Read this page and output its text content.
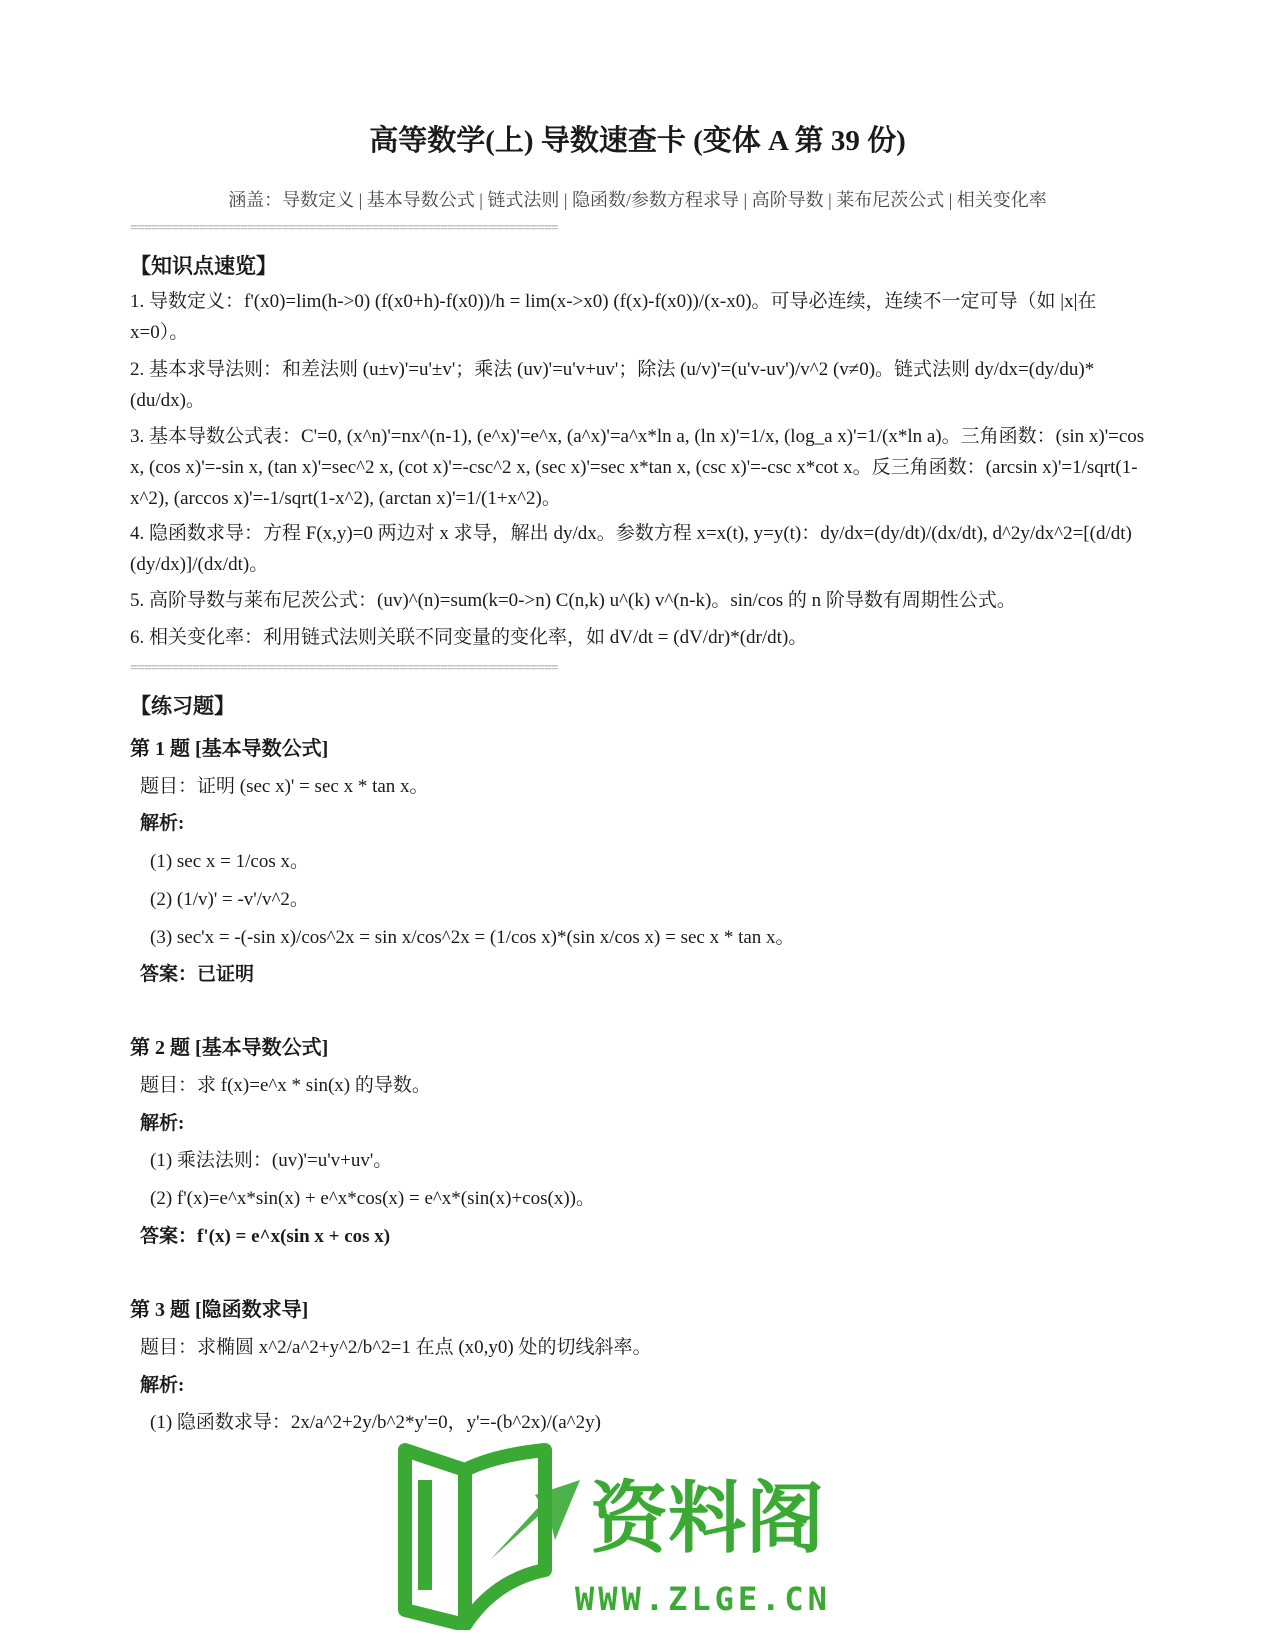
高等数学(上) 导数速查卡 (变体 A 第 39 份)
涵盖：导数定义 | 基本导数公式 | 链式法则 | 隐函数/参数方程求导 | 高阶导数 | 莱布尼茨公式 | 相关变化率
==============================================================
【知识点速览】
1. 导数定义：f'(x0)=lim(h->0) (f(x0+h)-f(x0))/h = lim(x->x0) (f(x)-f(x0))/(x-x0)。可导必连续，连续不一定可导（如 |x|在 x=0）。
2. 基本求导法则：和差法则 (u±v)'=u'±v'；乘法 (uv)'=u'v+uv'；除法 (u/v)'=(u'v-uv')/v^2 (v≠0)。链式法则 dy/dx=(dy/du)*(du/dx)。
3. 基本导数公式表：C'=0, (x^n)'=nx^(n-1), (e^x)'=e^x, (a^x)'=a^x*ln a, (ln x)'=1/x, (log_a x)'=1/(x*ln a)。三角函数：(sin x)'=cos x, (cos x)'=-sin x, (tan x)'=sec^2 x, (cot x)'=-csc^2 x, (sec x)'=sec x*tan x, (csc x)'=-csc x*cot x。反三角函数：(arcsin x)'=1/sqrt(1-x^2), (arccos x)'=-1/sqrt(1-x^2), (arctan x)'=1/(1+x^2)。
4. 隐函数求导：方程 F(x,y)=0 两边对 x 求导，解出 dy/dx。参数方程 x=x(t), y=y(t)：dy/dx=(dy/dt)/(dx/dt), d^2y/dx^2=[(d/dt)(dy/dx)]/(dx/dt)。
5. 高阶导数与莱布尼茨公式：(uv)^(n)=sum(k=0->n) C(n,k) u^(k) v^(n-k)。sin/cos 的 n 阶导数有周期性公式。
6. 相关变化率：利用链式法则关联不同变量的变化率，如 dV/dt = (dV/dr)*(dr/dt)。
==============================================================
【练习题】
第 1 题 [基本导数公式]
题目：证明 (sec x)' = sec x * tan x。
解析:
(1) sec x = 1/cos x。
(2) (1/v)' = -v'/v^2。
(3) sec'x = -(-sin x)/cos^2x = sin x/cos^2x = (1/cos x)*(sin x/cos x) = sec x * tan x。
答案：已证明
第 2 题 [基本导数公式]
题目：求 f(x)=e^x * sin(x) 的导数。
解析:
(1) 乘法法则：(uv)'=u'v+uv'。
(2) f'(x)=e^x*sin(x) + e^x*cos(x) = e^x*(sin(x)+cos(x))。
答案：f'(x) = e^x(sin x + cos x)
第 3 题 [隐函数求导]
题目：求椭圆 x^2/a^2+y^2/b^2=1 在点 (x0,y0) 处的切线斜率。
解析:
(1) 隐函数求导：2x/a^2+2y/b^2*y'=0，y'=-(b^2x)/(a^2y)
资料阁
WWW.ZLGE.CN
